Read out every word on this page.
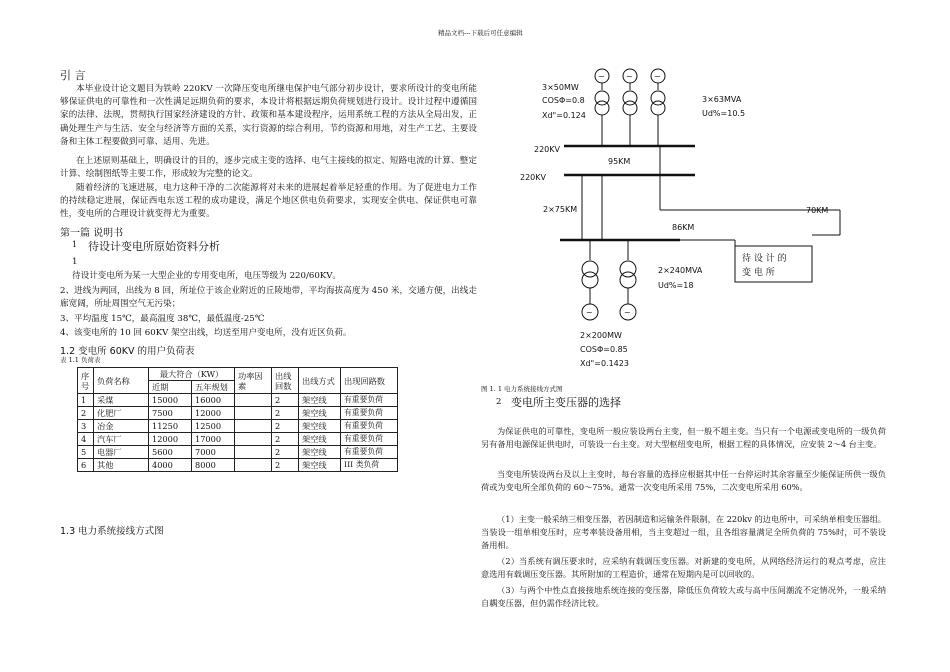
精品文档---下载后可任意编辑
引 言

本毕业设计论文题目为铁岭 220KV 一次降压变电所继电保护电气部分初步设计，要求所设计的变电所能够保证供电的可靠性和一次性满足远期负荷的要求，本设计将根据远期负荷规划进行设计。设计过程中遵循国家的法律、法规，贯彻执行国家经济建设的方针、政策和基本建设程序，运用系统工程的方法从全局出发，正确处理生产与生活、安全与经济等方面的关系，实行资源的综合利用，节约资源和用地，对生产工艺、主要设备和主体工程要做到可靠、适用、先进。

在上述原则基础上，明确设计的目的，逐步完成主变的选择、电气主接线的拟定、短路电流的计算、整定计算、绘制图纸等主要工作，形成较为完整的论文。

随着经济的飞速进展，电力这种干净的二次能源将对未来的进展起着举足轻重的作用。为了促进电力工作的持续稳定进展，保证西电东送工程的成功建设，满足个地区供电负荷要求，实现安全供电、保证供电可靠性，变电所的合理设计就变得尤为重要。

第一篇 说明书
1 待设计变电所原始资料分析
1
待设计变电所为某一大型企业的专用变电所，电压等级为 220/60KV。

2、进线为两回，出线为 8 回，所址位于该企业附近的丘陵地带，平均海拔高度为 450 米，交通方便，出线走廊宽阔，所址周围空气无污染；

3、平均温度 15℃，最高温度 38℃，最低温度-25℃
4、该变电所的 10 回 60KV 架空出线，均送至用户变电所，没有近区负荷。
1.2 变电所 60KV 的用户负荷表
表 1.1 负荷表
序号	负荷名称	最大符合（KW）		功率因素	出线回数	出线方式	出现回路数
		近期	五年规划				
1	采煤	15000	16000		2	架空线	有重要负荷
2	化肥厂	7500	12000		2	架空线	有重要负荷
3	冶金	11250	12500		2	架空线	有重要负荷
4	汽车厂	12000	17000		2	架空线	有重要负荷
5	电器厂	5600	7000		2	架空线	有重要负荷
6	其他	4000	8000		2	架空线	III 类负荷
1.3 电力系统接线方式图
~	~	~
~	~
3×50MW
COSΦ=0.8
Xd"=0.124
3×63MVA
Ud%=10.5
220KV
95KM
220KV
2×75KM
86KM
70KM
待 设 计 的
变 电 所
2×240MVA
Ud%=18
2×200MW
COSΦ=0.85
Xd"=0.1423
图 1. 1 电力系统接线方式图
2 变电所主变压器的选择

为保证供电的可靠性，变电所一般应装设两台主变，但一般不超主变。当只有一个电源或变电所的一级负荷另有备用电源保证供电时，可装设一台主变。对大型枢纽变电所，根据工程的具体情况，应安装 2～4 台主变。

当变电所装设两台及以上主变时，每台容量的选择应根据其中任一台停运时其余容量至少能保证所供一级负荷或为变电所全部负荷的 60～75%。通常一次变电所采用 75%，二次变电所采用 60%。

（1）主变一般采纳三相变压器，若因制造和运输条件限制，在 220kv 的边电所中，可采纳单相变压器组。当装设一组单相变压时，应考率装设备用相，当主变超过一组，且各组容量满足全所负荷的 75%时，可不装设备用相。

（2）当系统有调压要求时，应采纳有载调压变压器。对新建的变电所，从网络经济运行的观点考虑，应注意选用有载调压变压器。其所附加的工程造价，通常在短期内是可以回收的。

（3）与两个中性点直接接地系统连接的变压器，除低压负荷较大或与高中压间潮流不定情况外，一般采纳自耦变压器，但仍需作经济比较。
